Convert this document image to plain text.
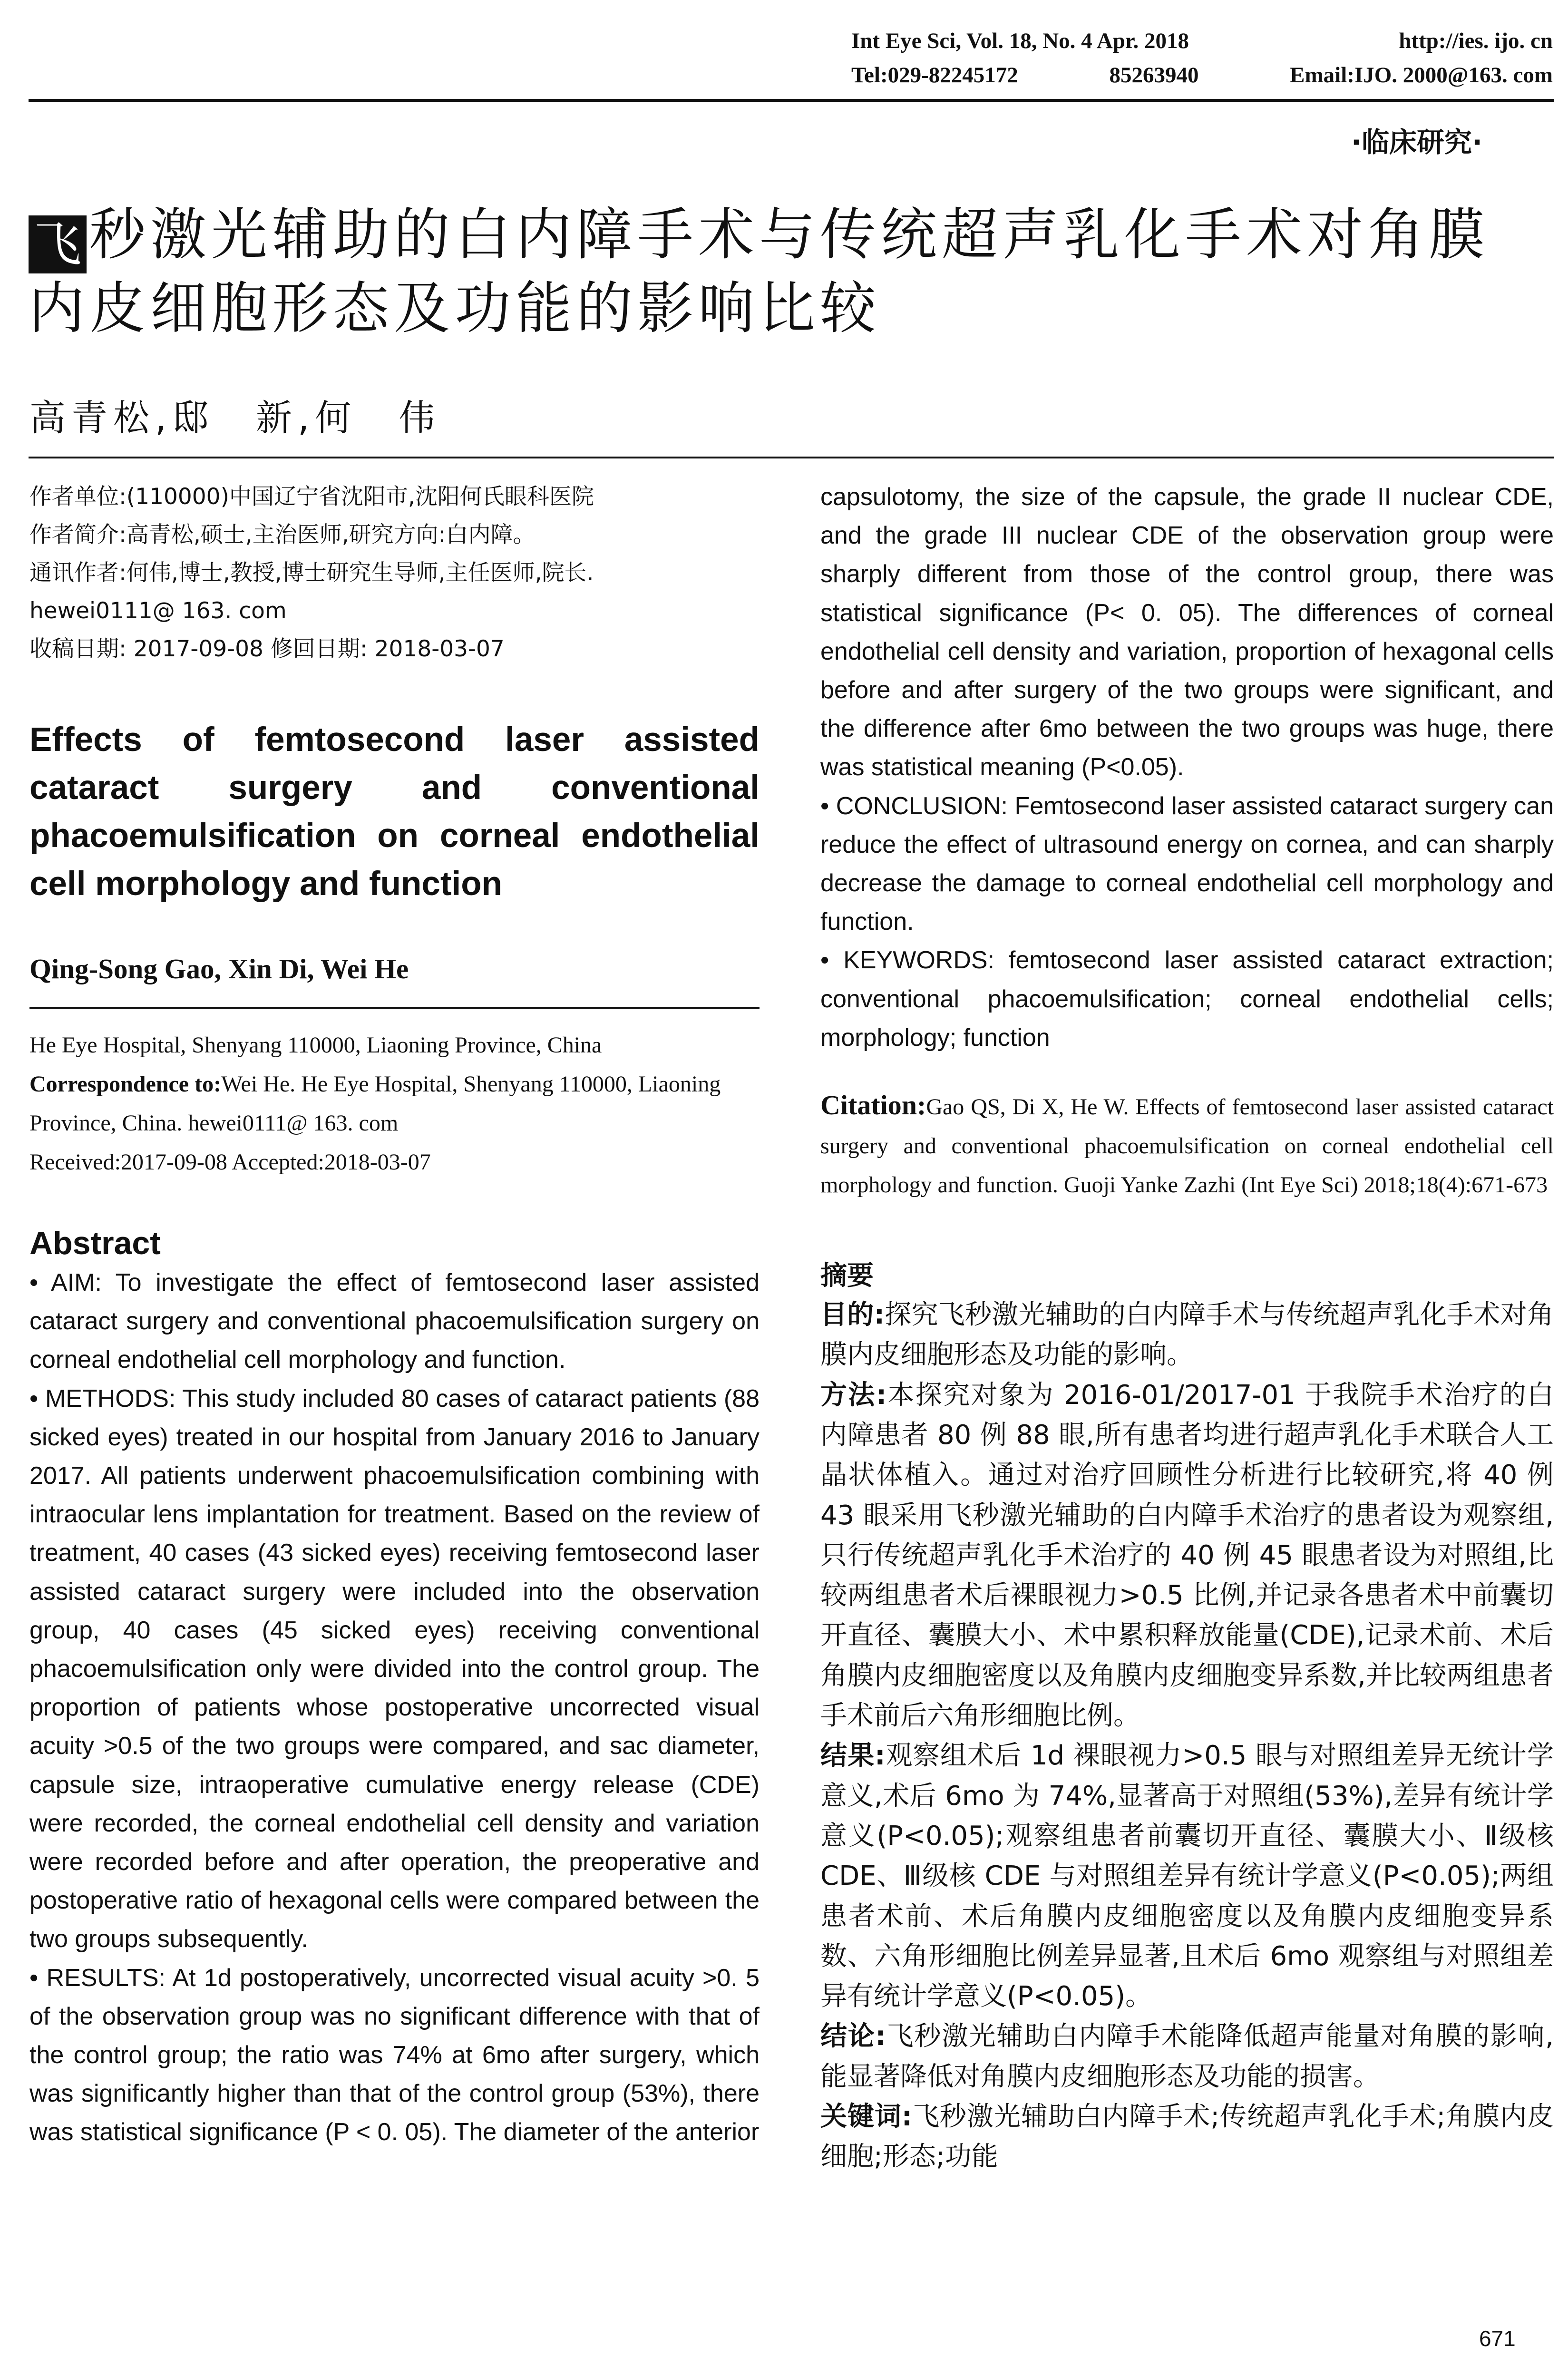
Int Eye Sci, Vol. 18, No. 4 Apr. 2018	http://ies. ijo. cn
Tel:029-82245172	85263940	Email:IJO. 2000@163. com
·临床研究·
飞 秒激光辅助的白内障手术与传统超声乳化手术对角膜
内皮细胞形态及功能的影响比较
高青松,邸　新,何　伟
作者单位:(110000)中国辽宁省沈阳市,沈阳何氏眼科医院
作者简介:高青松,硕士,主治医师,研究方向:白内障。
通讯作者:何伟,博士,教授,博士研究生导师,主任医师,院长.
hewei0111@ 163. com
收稿日期: 2017-09-08 修回日期: 2018-03-07
Effects of femtosecond laser assisted cataract surgery and conventional phacoemulsification on corneal endothelial cell morphology and function
Qing-Song Gao, Xin Di, Wei He
He Eye Hospital, Shenyang 110000, Liaoning Province, China
Correspondence to:Wei He. He Eye Hospital, Shenyang 110000, Liaoning Province, China. hewei0111@ 163. com
Received:2017-09-08 Accepted:2018-03-07
Abstract

• AIM: To investigate the effect of femtosecond laser assisted cataract surgery and conventional phacoemulsification surgery on corneal endothelial cell morphology and function.

• METHODS: This study included 80 cases of cataract patients (88 sicked eyes) treated in our hospital from January 2016 to January 2017. All patients underwent phacoemulsification combining with intraocular lens implantation for treatment. Based on the review of treatment, 40 cases (43 sicked eyes) receiving femtosecond laser assisted cataract surgery were included into the observation group, 40 cases (45 sicked eyes) receiving conventional phacoemulsification only were divided into the control group. The proportion of patients whose postoperative uncorrected visual acuity >0.5 of the two groups were compared, and sac diameter, capsule size, intraoperative cumulative energy release (CDE) were recorded, the corneal endothelial cell density and variation were recorded before and after operation, the preoperative and postoperative ratio of hexagonal cells were compared between the two groups subsequently.

• RESULTS: At 1d postoperatively, uncorrected visual acuity >0. 5 of the observation group was no significant difference with that of the control group; the ratio was 74% at 6mo after surgery, which was significantly higher than that of the control group (53%), there was statistical significance (P < 0. 05). The diameter of the anterior

capsulotomy, the size of the capsule, the grade II nuclear CDE, and the grade III nuclear CDE of the observation group were sharply different from those of the control group, there was statistical significance (P< 0. 05). The differences of corneal endothelial cell density and variation, proportion of hexagonal cells before and after surgery of the two groups were significant, and the difference after 6mo between the two groups was huge, there was statistical meaning (P<0.05).

• CONCLUSION: Femtosecond laser assisted cataract surgery can reduce the effect of ultrasound energy on cornea, and can sharply decrease the damage to corneal endothelial cell morphology and function.

• KEYWORDS: femtosecond laser assisted cataract extraction; conventional phacoemulsification; corneal endothelial cells; morphology; function

Citation:Gao QS, Di X, He W. Effects of femtosecond laser assisted cataract surgery and conventional phacoemulsification on corneal endothelial cell morphology and function. Guoji Yanke Zazhi (Int Eye Sci) 2018;18(4):671-673
摘要

目的:探究飞秒激光辅助的白内障手术与传统超声乳化手术对角膜内皮细胞形态及功能的影响。

方法:本探究对象为 2016-01/2017-01 于我院手术治疗的白内障患者 80 例 88 眼,所有患者均进行超声乳化手术联合人工晶状体植入。通过对治疗回顾性分析进行比较研究,将 40 例 43 眼采用飞秒激光辅助的白内障手术治疗的患者设为观察组,只行传统超声乳化手术治疗的 40 例 45 眼患者设为对照组,比较两组患者术后裸眼视力>0.5 比例,并记录各患者术中前囊切开直径、囊膜大小、术中累积释放能量(CDE),记录术前、术后角膜内皮细胞密度以及角膜内皮细胞变异系数,并比较两组患者手术前后六角形细胞比例。

结果:观察组术后 1d 裸眼视力>0.5 眼与对照组差异无统计学意义,术后 6mo 为 74%,显著高于对照组(53%),差异有统计学意义(P<0.05);观察组患者前囊切开直径、囊膜大小、Ⅱ级核 CDE、Ⅲ级核 CDE 与对照组差异有统计学意义(P<0.05);两组患者术前、术后角膜内皮细胞密度以及角膜内皮细胞变异系数、六角形细胞比例差异显著,且术后 6mo 观察组与对照组差异有统计学意义(P<0.05)。

结论:飞秒激光辅助白内障手术能降低超声能量对角膜的影响,能显著降低对角膜内皮细胞形态及功能的损害。

关键词:飞秒激光辅助白内障手术;传统超声乳化手术;角膜内皮细胞;形态;功能

671
